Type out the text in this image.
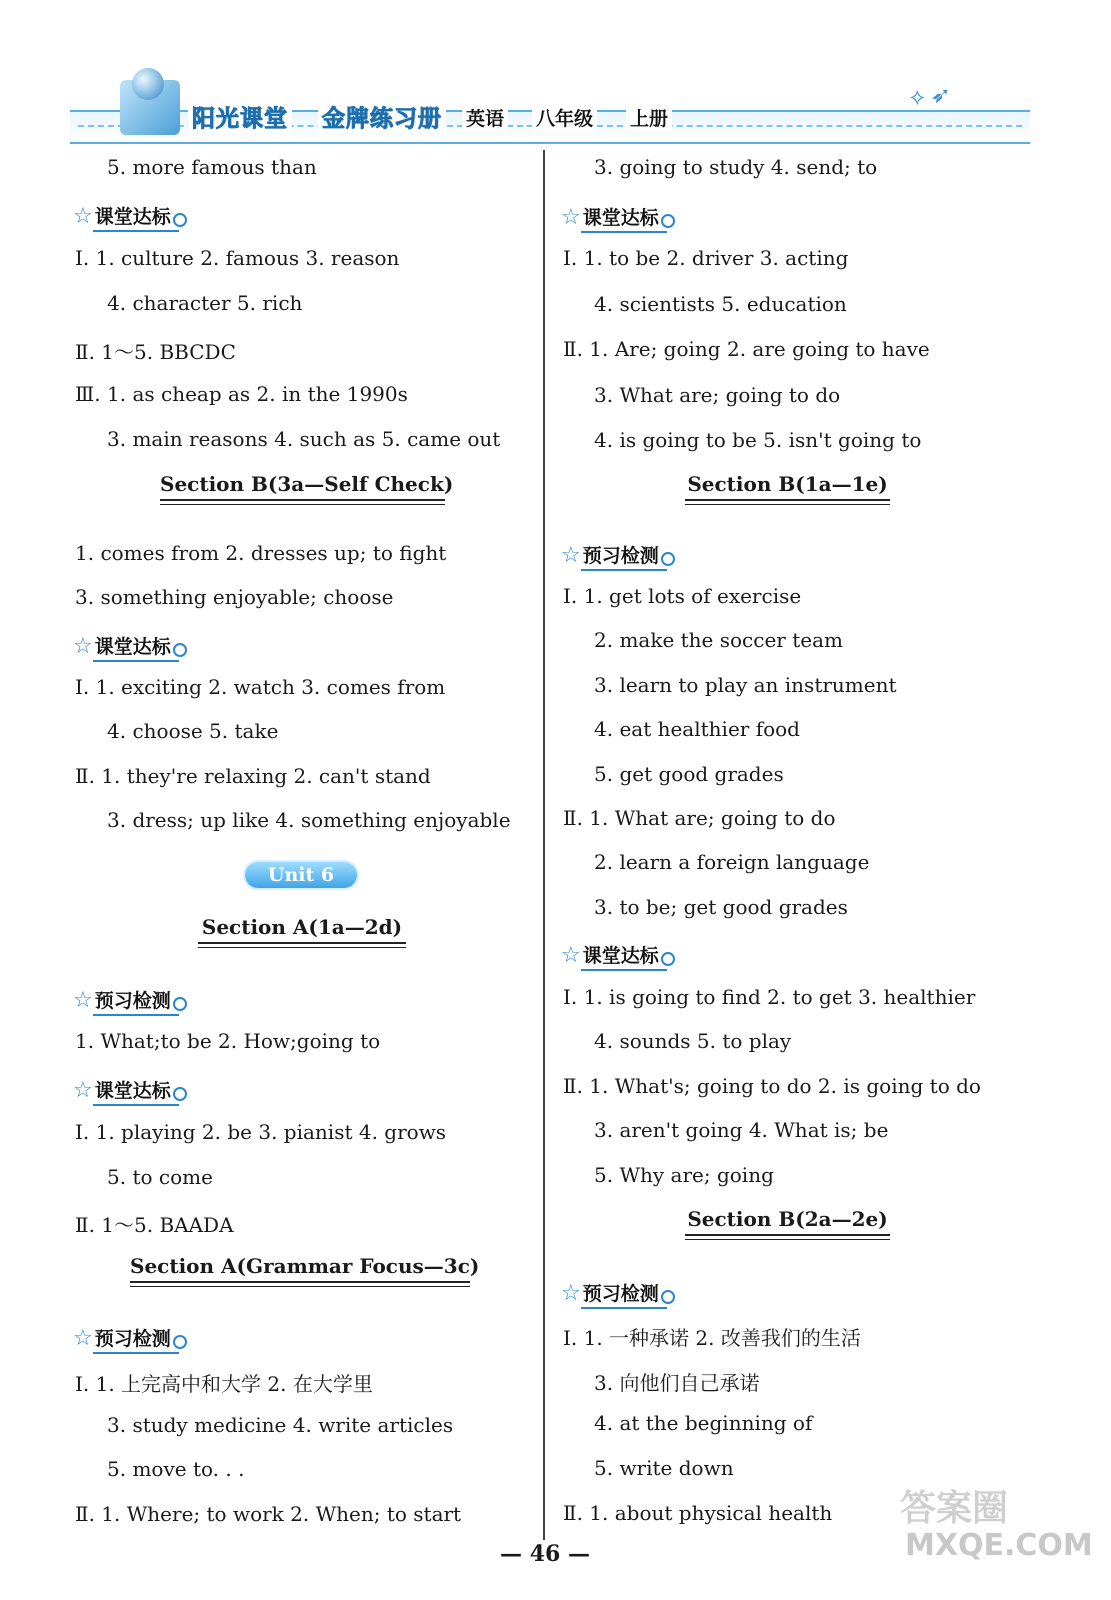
阳光课堂 金牌练习册 英语 八年级 上册
⟡ ➶
5. more famous than
☆ 课堂达标
Ⅰ. 1. culture 2. famous 3. reason
4. character 5. rich
Ⅱ. 1～5. BBCDC
Ⅲ. 1. as cheap as 2. in the 1990s
3. main reasons 4. such as 5. came out
Section B(3a—Self Check)
1. comes from 2. dresses up; to fight
3. something enjoyable; choose
☆ 课堂达标
Ⅰ. 1. exciting 2. watch 3. comes from
4. choose 5. take
Ⅱ. 1. they're relaxing 2. can't stand
3. dress; up like 4. something enjoyable
Unit 6
Section A(1a—2d)
☆ 预习检测
1. What;to be 2. How;going to
☆ 课堂达标
Ⅰ. 1. playing 2. be 3. pianist 4. grows
5. to come
Ⅱ. 1～5. BAADA
Section A(Grammar Focus—3c)
☆ 预习检测
Ⅰ. 1. 上完高中和大学 2. 在大学里
3. study medicine 4. write articles
5. move to. . .
Ⅱ. 1. Where; to work 2. When; to start
3. going to study 4. send; to
☆ 课堂达标
Ⅰ. 1. to be 2. driver 3. acting
4. scientists 5. education
Ⅱ. 1. Are; going 2. are going to have
3. What are; going to do
4. is going to be 5. isn't going to
Section B(1a—1e)
☆ 预习检测
Ⅰ. 1. get lots of exercise
2. make the soccer team
3. learn to play an instrument
4. eat healthier food
5. get good grades
Ⅱ. 1. What are; going to do
2. learn a foreign language
3. to be; get good grades
☆ 课堂达标
Ⅰ. 1. is going to find 2. to get 3. healthier
4. sounds 5. to play
Ⅱ. 1. What's; going to do 2. is going to do
3. aren't going 4. What is; be
5. Why are; going
Section B(2a—2e)
☆ 预习检测
Ⅰ. 1. 一种承诺 2. 改善我们的生活
3. 向他们自己承诺
4. at the beginning of
5. write down
Ⅱ. 1. about physical health
— 46 —
答案圈
MXQE.COM
